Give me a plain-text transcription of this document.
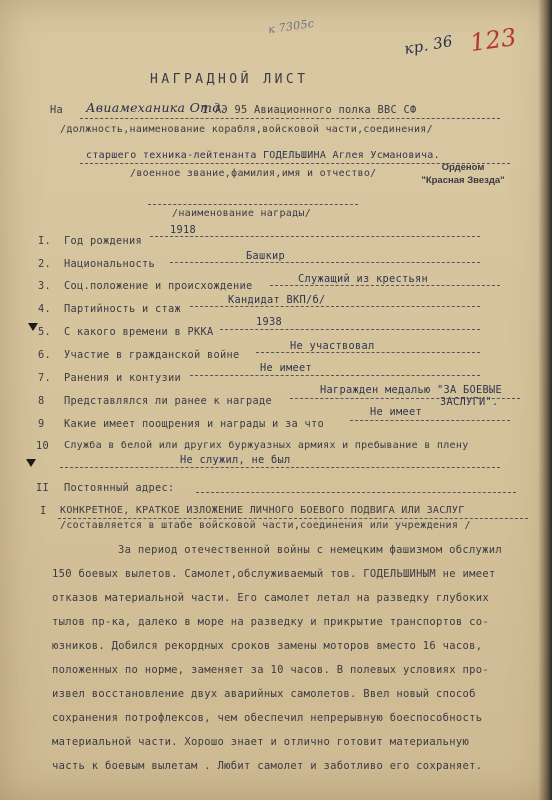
к 7305с
кр. 36 123
НАГРАДНОЙ ЛИСТ
На Авиамеханика Отд.
I АЭ 95 Авиационного полка ВВС СФ
/должность,наименование корабля,войсковой части,соединения/
старшего техника-лейтенанта ГОДЕЛЬШИНА Аглея Усмановича.
/военное звание,фамилия,имя и отчество/
Орденом
"Красная Звезда"
/наименование награды/
I. Год рождения
1918
2. Национальность
Башкир
3. Соц.положение и происхождение
Служащий из крестьян
4. Партийность и стаж
Кандидат ВКП/б/
5. С какого времени в РККА
1938
6. Участие в гражданской войне
Не участвовал
7. Ранения и контузии
Не имеет
8 Представлялся ли ранее к награде
Награжден медалью "ЗА БОЕВЫЕ
ЗАСЛУГИ".
9 Какие имеет поощрения и награды и за что
Не имеет
10 Служба в белой или других буржуазных армиях и пребывание в плену
Не служил, не был
II Постоянный адрес:
I КОНКРЕТНОЕ, КРАТКОЕ ИЗЛОЖЕНИЕ ЛИЧНОГО БОЕВОГО ПОДВИГА ИЛИ ЗАСЛУГ
/составляется в штабе войсковой части,соединения или учреждения /
За период отечественной войны с немецким фашизмом обслужил
150 боевых вылетов. Самолет,обслуживаемый тов. ГОДЕЛЬШИНЫМ не имеет
отказов материальной части. Его самолет летал на разведку глубоких
тылов пр-ка, далеко в море на разведку и прикрытие транспортов со-
юзников. Добился рекордных сроков замены моторов вместо 16 часов,
положенных по норме, заменяет за 10 часов. В полевых условиях про-
извел восстановление двух аварийных самолетов. Ввел новый способ
сохранения потрофлексов, чем обеспечил непрерывную боеспособность
материальной части. Хорошо знает и отлично готовит материальную
часть к боевым вылетам . Любит самолет и заботливо его сохраняет.
